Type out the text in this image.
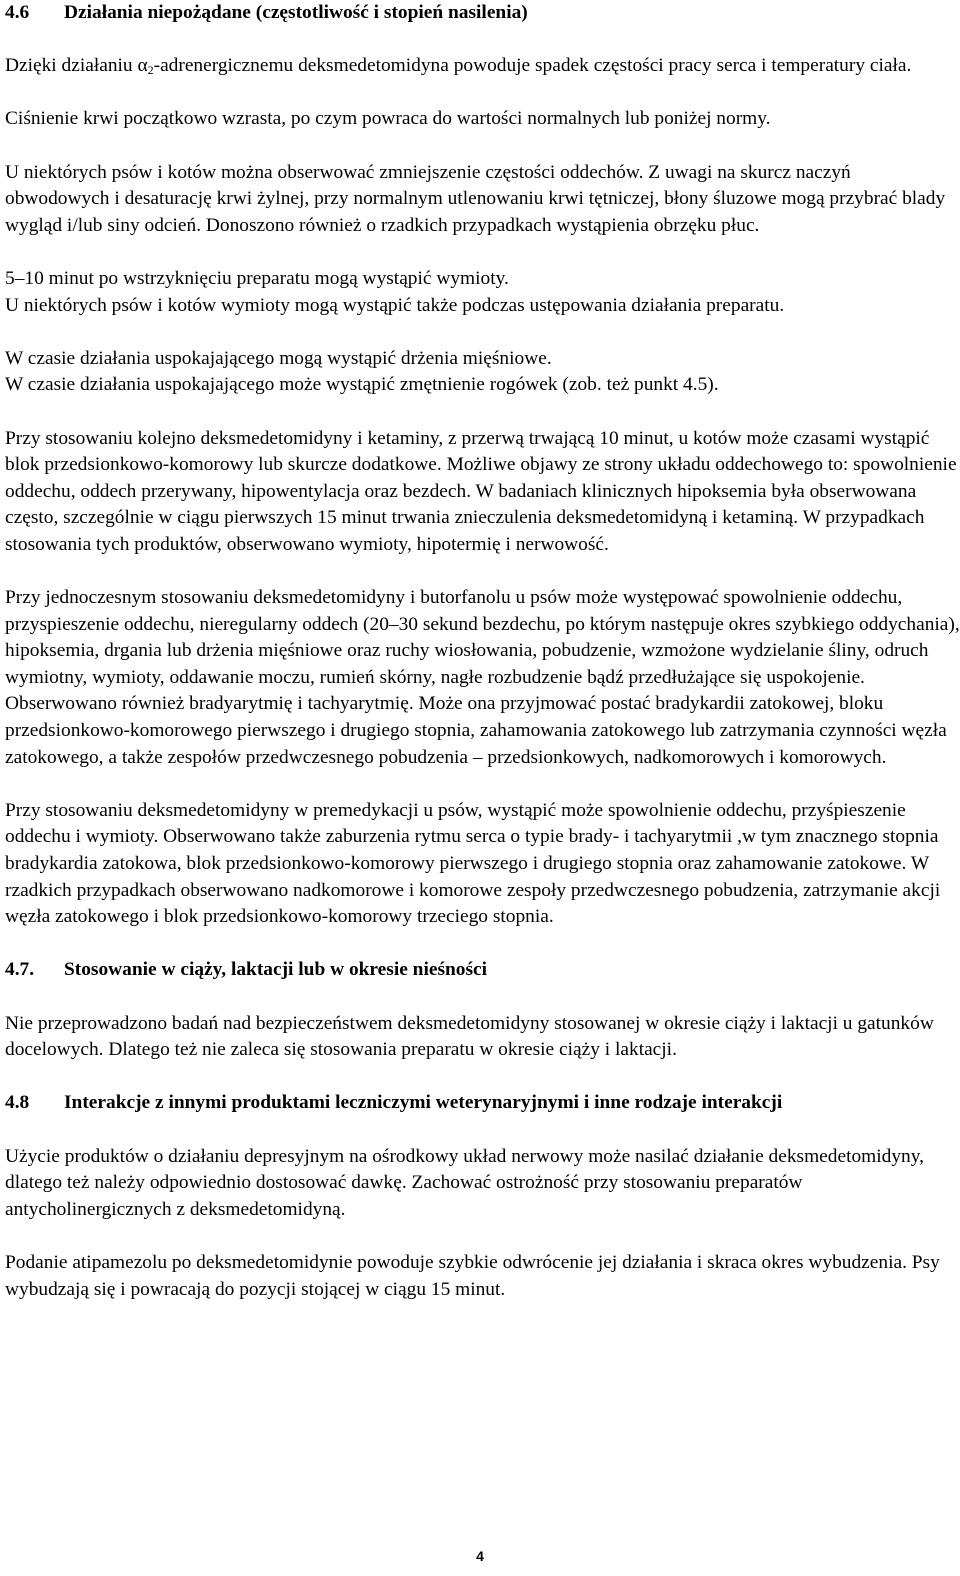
4.6	Działania niepożądane (częstotliwość i stopień nasilenia)

Dzięki działaniu $\alpha_2$-adrenergicznemu deksmedetomidyna powoduje spadek częstości pracy serca i temperatury ciała.

Ciśnienie krwi początkowo wzrasta, po czym powraca do wartości normalnych lub poniżej normy.

U niektórych psów i kotów można obserwować zmniejszenie częstości oddechów. Z uwagi na skurcz naczyń obwodowych i desaturację krwi żylnej, przy normalnym utlenowaniu krwi tętniczej, błony śluzowe mogą przybrać blady wygląd i/lub siny odcień. Donoszono również o rzadkich przypadkach wystąpienia obrzęku płuc.

5–10 minut po wstrzyknięciu preparatu mogą wystąpić wymioty.

U niektórych psów i kotów wymioty mogą wystąpić także podczas ustępowania działania preparatu.

W czasie działania uspokajającego mogą wystąpić drżenia mięśniowe.

W czasie działania uspokajającego może wystąpić zmętnienie rogówek (zob. też punkt 4.5).

Przy stosowaniu kolejno deksmedetomidyny i ketaminy, z przerwą trwającą 10 minut, u kotów może czasami wystąpić blok przedsionkowo-komorowy lub skurcze dodatkowe. Możliwe objawy ze strony układu oddechowego to: spowolnienie oddechu, oddech przerywany, hipowentylacja oraz bezdech. W badaniach klinicznych hipoksemia była obserwowana często, szczególnie w ciągu pierwszych 15 minut trwania znieczulenia deksmedetomidyną i ketaminą. W przypadkach stosowania tych produktów, obserwowano wymioty, hipotermię i nerwowość.

Przy jednoczesnym stosowaniu deksmedetomidyny i butorfanolu u psów może występować spowolnienie oddechu, przyspieszenie oddechu, nieregularny oddech (20–30 sekund bezdechu, po którym następuje okres szybkiego oddychania), hipoksemia, drgania lub drżenia mięśniowe oraz ruchy wiosłowania, pobudzenie, wzmożone wydzielanie śliny, odruch wymiotny, wymioty, oddawanie moczu, rumień skórny, nagłe rozbudzenie bądź przedłużające się uspokojenie. Obserwowano również bradyarytmię i tachyarytmię. Może ona przyjmować postać bradykardii zatokowej, bloku przedsionkowo-komorowego pierwszego i drugiego stopnia, zahamowania zatokowego lub zatrzymania czynności węzła zatokowego, a także zespołów przedwczesnego pobudzenia – przedsionkowych, nadkomorowych i komorowych.

Przy stosowaniu deksmedetomidyny w premedykacji u psów, wystąpić może spowolnienie oddechu, przyśpieszenie oddechu i wymioty. Obserwowano także zaburzenia rytmu serca o typie brady- i tachyarytmii ,w tym znacznego stopnia bradykardia zatokowa, blok przedsionkowo-komorowy pierwszego i drugiego stopnia oraz zahamowanie zatokowe. W rzadkich przypadkach obserwowano nadkomorowe i komorowe zespoły przedwczesnego pobudzenia, zatrzymanie akcji węzła zatokowego i blok przedsionkowo-komorowy trzeciego stopnia.

4.7.	Stosowanie w ciąży, laktacji lub w okresie nieśności

Nie przeprowadzono badań nad bezpieczeństwem deksmedetomidyny stosowanej w okresie ciąży i laktacji u gatunków docelowych. Dlatego też nie zaleca się stosowania preparatu w okresie ciąży i laktacji.

4.8	Interakcje z innymi produktami leczniczymi weterynaryjnymi i inne rodzaje interakcji

Użycie produktów o działaniu depresyjnym na ośrodkowy układ nerwowy może nasilać działanie deksmedetomidyny, dlatego też należy odpowiednio dostosować dawkę. Zachować ostrożność przy stosowaniu preparatów antycholinergicznych z deksmedetomidyną.

Podanie atipamezolu po deksmedetomidynie powoduje szybkie odwrócenie jej działania i skraca okres wybudzenia. Psy wybudzają się i powracają do pozycji stojącej w ciągu 15 minut.

4
